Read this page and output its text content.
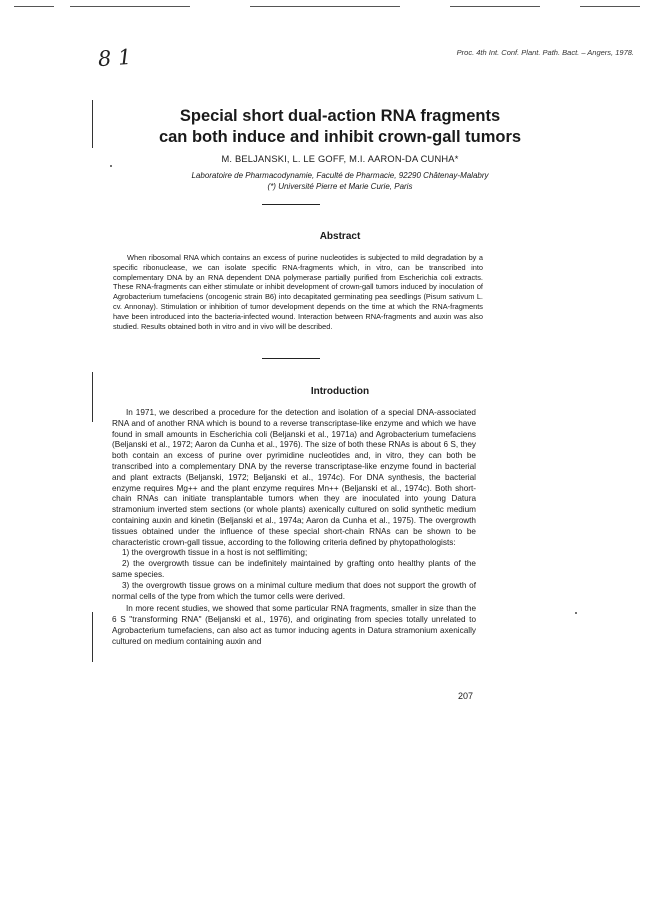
8 1	Proc. 4th Int. Conf. Plant. Path. Bact. – Angers, 1978.
Special short dual-action RNA fragments
can both induce and inhibit crown-gall tumors
M. BELJANSKI, L. LE GOFF, M.I. AARON-DA CUNHA*
Laboratoire de Pharmacodynamie, Faculté de Pharmacie, 92290 Châtenay-Malabry
(*) Université Pierre et Marie Curie, Paris
Abstract

When ribosomal RNA which contains an excess of purine nucleotides is subjected to mild degradation by a specific ribonuclease, we can isolate specific RNA-fragments which, in vitro, can be transcribed into complementary DNA by an RNA dependent DNA polymerase partially purified from Escherichia coli extracts. These RNA-fragments can either stimulate or inhibit development of crown-gall tumors induced by inoculation of Agrobacterium tumefaciens (oncogenic strain B6) into decapitated germinating pea seedlings (Pisum sativum L. cv. Annonay). Stimulation or inhibition of tumor development depends on the time at which the RNA-fragments have been introduced into the bacteria-infected wound. Interaction between RNA-fragments and auxin was also studied. Results obtained both in vitro and in vivo will be described.

Introduction

In 1971, we described a procedure for the detection and isolation of a special DNA-associated RNA and of another RNA which is bound to a reverse transcriptase-like enzyme and which we have found in small amounts in Escherichia coli (Beljanski et al., 1971a) and Agrobacterium tumefaciens (Beljanski et al., 1972; Aaron da Cunha et al., 1976). The size of both these RNAs is about 6 S, they both contain an excess of purine over pyrimidine nucleotides and, in vitro, they can both be transcribed into a complementary DNA by the reverse transcriptase-like enzyme found in bacterial and plant extracts (Beljanski, 1972; Beljanski et al., 1974c). For DNA synthesis, the bacterial enzyme requires Mg++ and the plant enzyme requires Mn++ (Beljanski et al., 1974c). Both short-chain RNAs can initiate transplantable tumors when they are inoculated into young Datura stramonium inverted stem sections (or whole plants) axenically cultured on solid synthetic medium containing auxin and kinetin (Beljanski et al., 1974a; Aaron da Cunha et al., 1975). The overgrowth tissues obtained under the influence of these special short-chain RNAs can be shown to be characteristic crown-gall tissue, according to the following criteria defined by phytopathologists:

1) the overgrowth tissue in a host is not selflimiting;

2) the overgrowth tissue can be indefinitely maintained by grafting onto healthy plants of the same species.

3) the overgrowth tissue grows on a minimal culture medium that does not support the growth of normal cells of the type from which the tumor cells were derived.

In more recent studies, we showed that some particular RNA fragments, smaller in size than the 6 S "transforming RNA" (Beljanski et al., 1976), and originating from species totally unrelated to Agrobacterium tumefaciens, can also act as tumor inducing agents in Datura stramonium axenically cultured on medium containing auxin and

207
